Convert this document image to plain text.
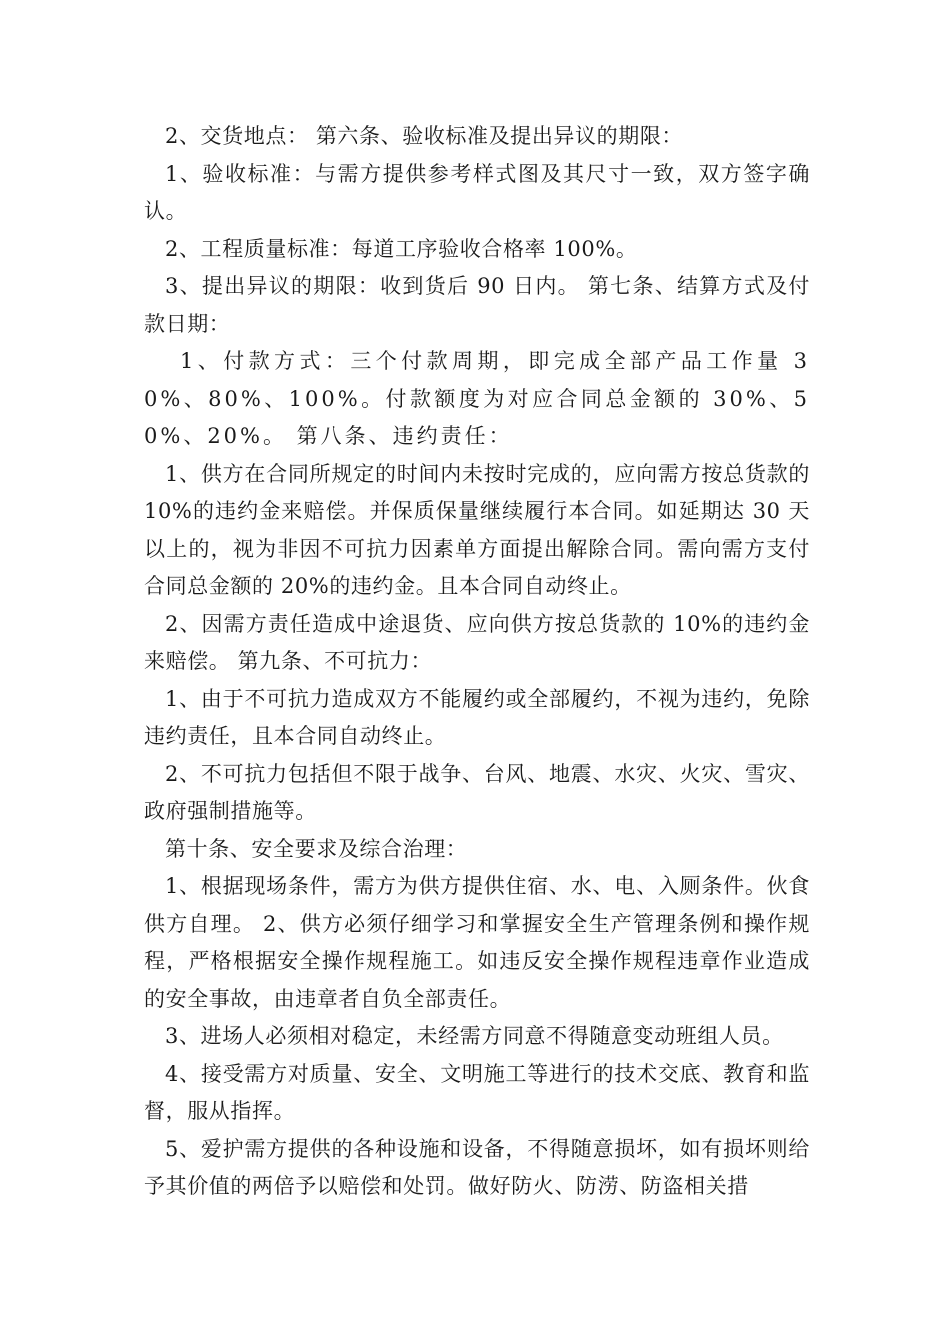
2、交货地点： 第六条、验收标准及提出异议的期限：

1、验收标准：与需方提供参考样式图及其尺寸一致，双方签字确认。

2、工程质量标准：每道工序验收合格率 100%。

3、提出异议的期限：收到货后 90 日内。 第七条、结算方式及付款日期：

1、付款方式：三个付款周期，即完成全部产品工作量 30%、80%、100%。付款额度为对应合同总金额的 30%、50%、20%。 第八条、违约责任：

1、供方在合同所规定的时间内未按时完成的，应向需方按总货款的 10%的违约金来赔偿。并保质保量继续履行本合同。如延期达 30 天以上的，视为非因不可抗力因素单方面提出解除合同。需向需方支付合同总金额的 20%的违约金。且本合同自动终止。

2、因需方责任造成中途退货、应向供方按总货款的 10%的违约金来赔偿。 第九条、不可抗力：

1、由于不可抗力造成双方不能履约或全部履约，不视为违约，免除违约责任，且本合同自动终止。

2、不可抗力包括但不限于战争、台风、地震、水灾、火灾、雪灾、政府强制措施等。

第十条、安全要求及综合治理：

1、根据现场条件，需方为供方提供住宿、水、电、入厕条件。伙食供方自理。 2、供方必须仔细学习和掌握安全生产管理条例和操作规程，严格根据安全操作规程施工。如违反安全操作规程违章作业造成的安全事故，由违章者自负全部责任。

3、进场人必须相对稳定，未经需方同意不得随意变动班组人员。

4、接受需方对质量、安全、文明施工等进行的技术交底、教育和监督，服从指挥。

5、爱护需方提供的各种设施和设备，不得随意损坏，如有损坏则给予其价值的两倍予以赔偿和处罚。做好防火、防涝、防盗相关措
